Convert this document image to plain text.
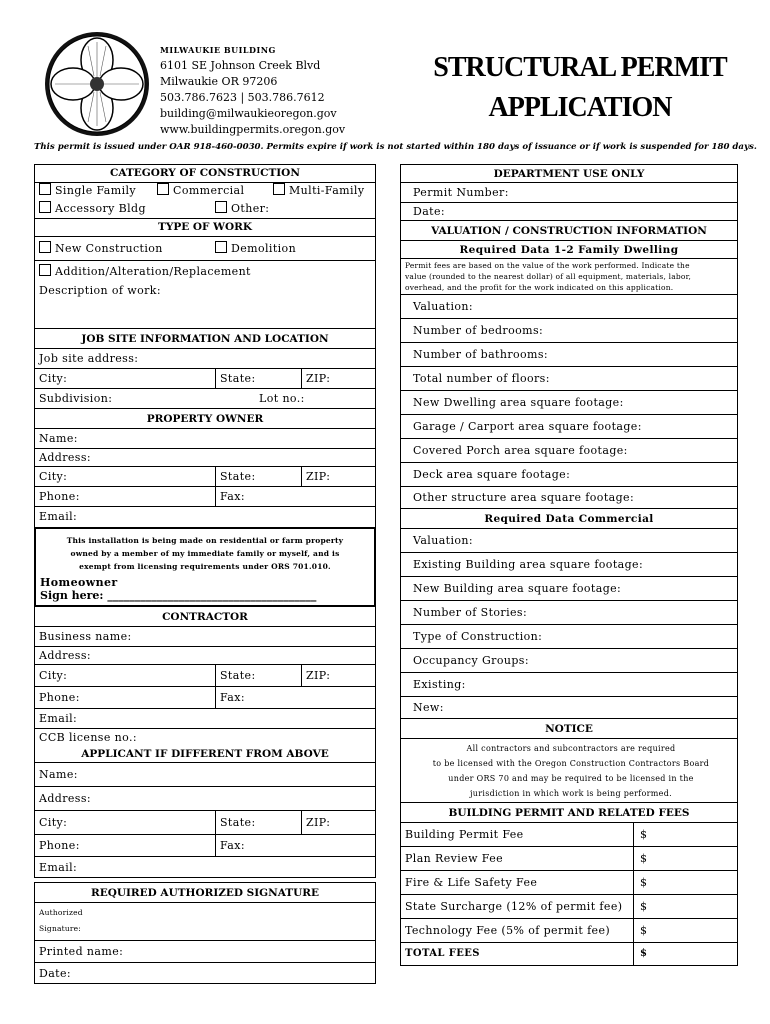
MILWAUKIE BUILDING
6101 SE Johnson Creek Blvd
Milwaukie OR 97206
503.786.7623 | 503.786.7612
building@milwaukieoregon.gov
www.buildingpermits.oregon.gov
STRUCTURAL PERMIT
APPLICATION
This permit is issued under OAR 918-460-0030. Permits expire if work is not started within 180 days of issuance or if work is suspended for 180 days.
CATEGORY OF CONSTRUCTION
Single Family	Commercial	Multi-Family
Accessory Bldg	Other:
TYPE OF WORK
New Construction	Demolition
Addition/Alteration/Replacement
Description of work:
JOB SITE INFORMATION AND LOCATION
Job site address:
City:	State:	ZIP:
Subdivision:	Lot no.:
PROPERTY OWNER
Name:
Address:
City:	State:	ZIP:
Phone:	Fax:
Email:
This installation is being made on residential or farm property
owned by a member of my immediate family or myself, and is
exempt from licensing requirements under ORS 701.010.
Homeowner
Sign here: ______________________________________
CONTRACTOR
Business name:
Address:
City:	State:	ZIP:
Phone:	Fax:
Email:
CCB license no.:
APPLICANT IF DIFFERENT FROM ABOVE
Name:
Address:
City:	State:	ZIP:
Phone:	Fax:
Email:
REQUIRED AUTHORIZED SIGNATURE
Authorized
Signature:
Printed name:
Date:
DEPARTMENT USE ONLY
Permit Number:
Date:
VALUATION / CONSTRUCTION INFORMATION
Required Data 1-2 Family Dwelling
Permit fees are based on the value of the work performed. Indicate the
value (rounded to the nearest dollar) of all equipment, materials, labor,
overhead, and the profit for the work indicated on this application.
Valuation:
Number of bedrooms:
Number of bathrooms:
Total number of floors:
New Dwelling area square footage:
Garage / Carport area square footage:
Covered Porch area square footage:
Deck area square footage:
Other structure area square footage:
Required Data Commercial
Valuation:
Existing Building area square footage:
New Building area square footage:
Number of Stories:
Type of Construction:
Occupancy Groups:
Existing:
New:
NOTICE
All contractors and subcontractors are required
to be licensed with the Oregon Construction Contractors Board
under ORS 70 and may be required to be licensed in the
jurisdiction in which work is being performed.
BUILDING PERMIT AND RELATED FEES
Building Permit Fee	$
Plan Review Fee	$
Fire & Life Safety Fee	$
State Surcharge (12% of permit fee)	$
Technology Fee (5% of permit fee)	$
TOTAL FEES	$
